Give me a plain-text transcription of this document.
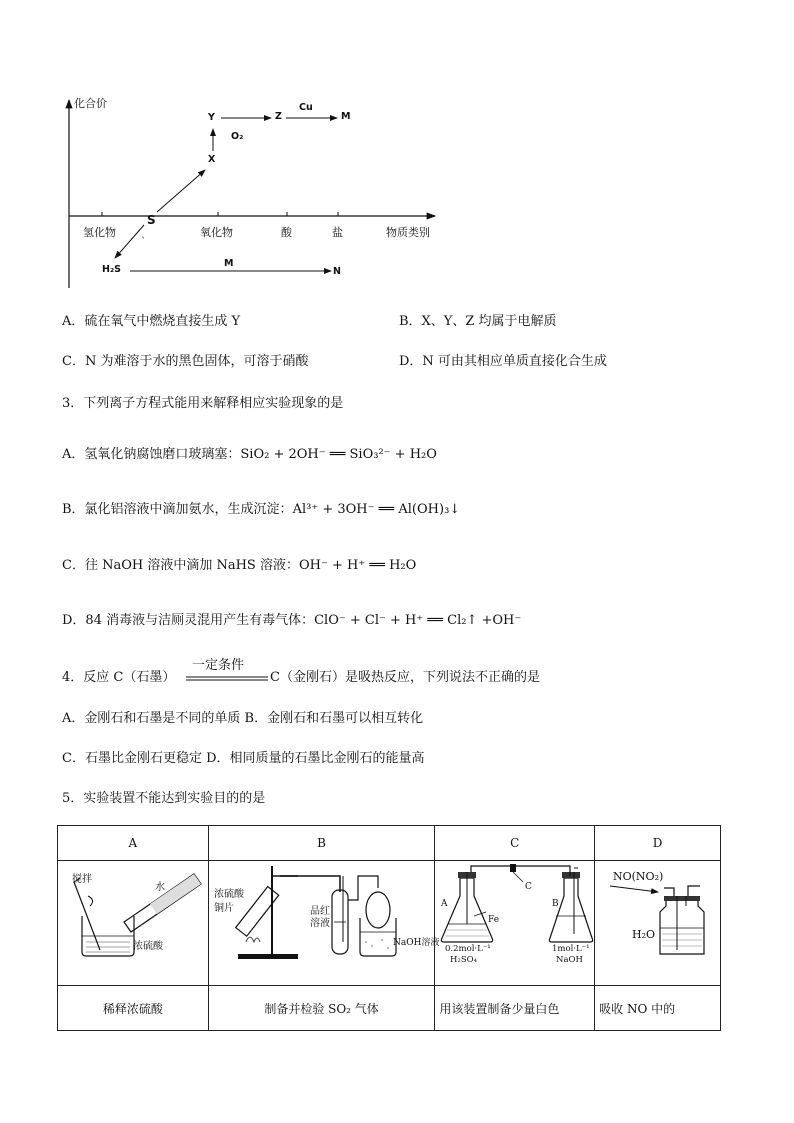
化合价
物质类别
氢化物	氧化物	酸	盐
S
X
Y	Z	M
H₂S	N
O₂
Cu
M
ˋ
A．硫在氧气中燃烧直接生成 Y	B．X、Y、Z 均属于电解质
C．N 为难溶于水的黑色固体，可溶于硝酸	D．N 可由其相应单质直接化合生成
3．下列离子方程式能用来解释相应实验现象的是
A．氢氧化钠腐蚀磨口玻璃塞：SiO₂ + 2OH⁻ ══ SiO₃²⁻ + H₂O
B．氯化铝溶液中滴加氨水，生成沉淀：Al³⁺ + 3OH⁻ ══ Al(OH)₃↓
C．往 NaOH 溶液中滴加 NaHS 溶液：OH⁻ + H⁺ ══ H₂O
D．84 消毒液与洁厕灵混用产生有毒气体：ClO⁻ + Cl⁻ + H⁺ ══ Cl₂↑ +OH⁻
4．反应 C（石墨）
一定条件
C（金刚石）是吸热反应，下列说法不正确的是
A．金刚石和石墨是不同的单质 B．金刚石和石墨可以相互转化
C．石墨比金刚石更稳定 D．相同质量的石墨比金刚石的能量高
5．实验装置不能达到实验目的的是
A	B	C	D

稀释浓硫酸	制备并检验 SO₂ 气体	用该装置制备少量白色	吸收 NO 中的
搅拌
水
浓硫酸
浓硫酸
铜片	品红
溶液
NaOH溶液
A	B
C
Fe
0.2mol·L⁻¹
H₂SO₄
1mol·L⁻¹
NaOH
NO(NO₂)
H₂O
